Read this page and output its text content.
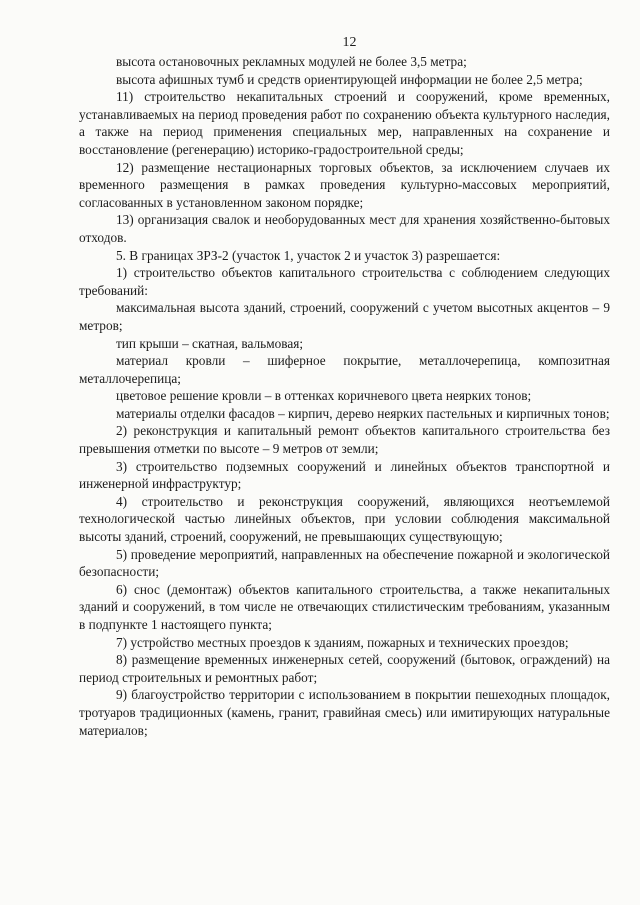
12

высота остановочных рекламных модулей не более 3,5 метра;

высота афишных тумб и средств ориентирующей информации не более 2,5 метра;

11) строительство некапитальных строений и сооружений, кроме временных, устанавливаемых на период проведения работ по сохранению объекта культурного наследия, а также на период применения специальных мер, направленных на сохранение и восстановление (регенерацию) историко-градостроительной среды;

12) размещение нестационарных торговых объектов, за исключением случаев их временного размещения в рамках проведения культурно-массовых мероприятий, согласованных в установленном законом порядке;

13) организация свалок и необорудованных мест для хранения хозяйственно-бытовых отходов.

5. В границах ЗРЗ-2 (участок 1, участок 2 и участок 3) разрешается:

1) строительство объектов капитального строительства с соблюдением следующих требований:

максимальная высота зданий, строений, сооружений с учетом высотных акцентов – 9 метров;

тип крыши – скатная, вальмовая;

материал кровли – шиферное покрытие, металлочерепица, композитная металлочерепица;

цветовое решение кровли – в оттенках коричневого цвета неярких тонов;

материалы отделки фасадов – кирпич, дерево неярких пастельных и кирпичных тонов;

2) реконструкция и капитальный ремонт объектов капитального строительства без превышения отметки по высоте – 9 метров от земли;

3) строительство подземных сооружений и линейных объектов транспортной и инженерной инфраструктур;

4) строительство и реконструкция сооружений, являющихся неотъемлемой технологической частью линейных объектов, при условии соблюдения максимальной высоты зданий, строений, сооружений, не превышающих существующую;

5) проведение мероприятий, направленных на обеспечение пожарной и экологической безопасности;

6) снос (демонтаж) объектов капитального строительства, а также некапитальных зданий и сооружений, в том числе не отвечающих стилистическим требованиям, указанным в подпункте 1 настоящего пункта;

7) устройство местных проездов к зданиям, пожарных и технических проездов;

8) размещение временных инженерных сетей, сооружений (бытовок, ограждений) на период строительных и ремонтных работ;

9) благоустройство территории с использованием в покрытии пешеходных площадок, тротуаров традиционных (камень, гранит, гравийная смесь) или имитирующих натуральные материалов;
